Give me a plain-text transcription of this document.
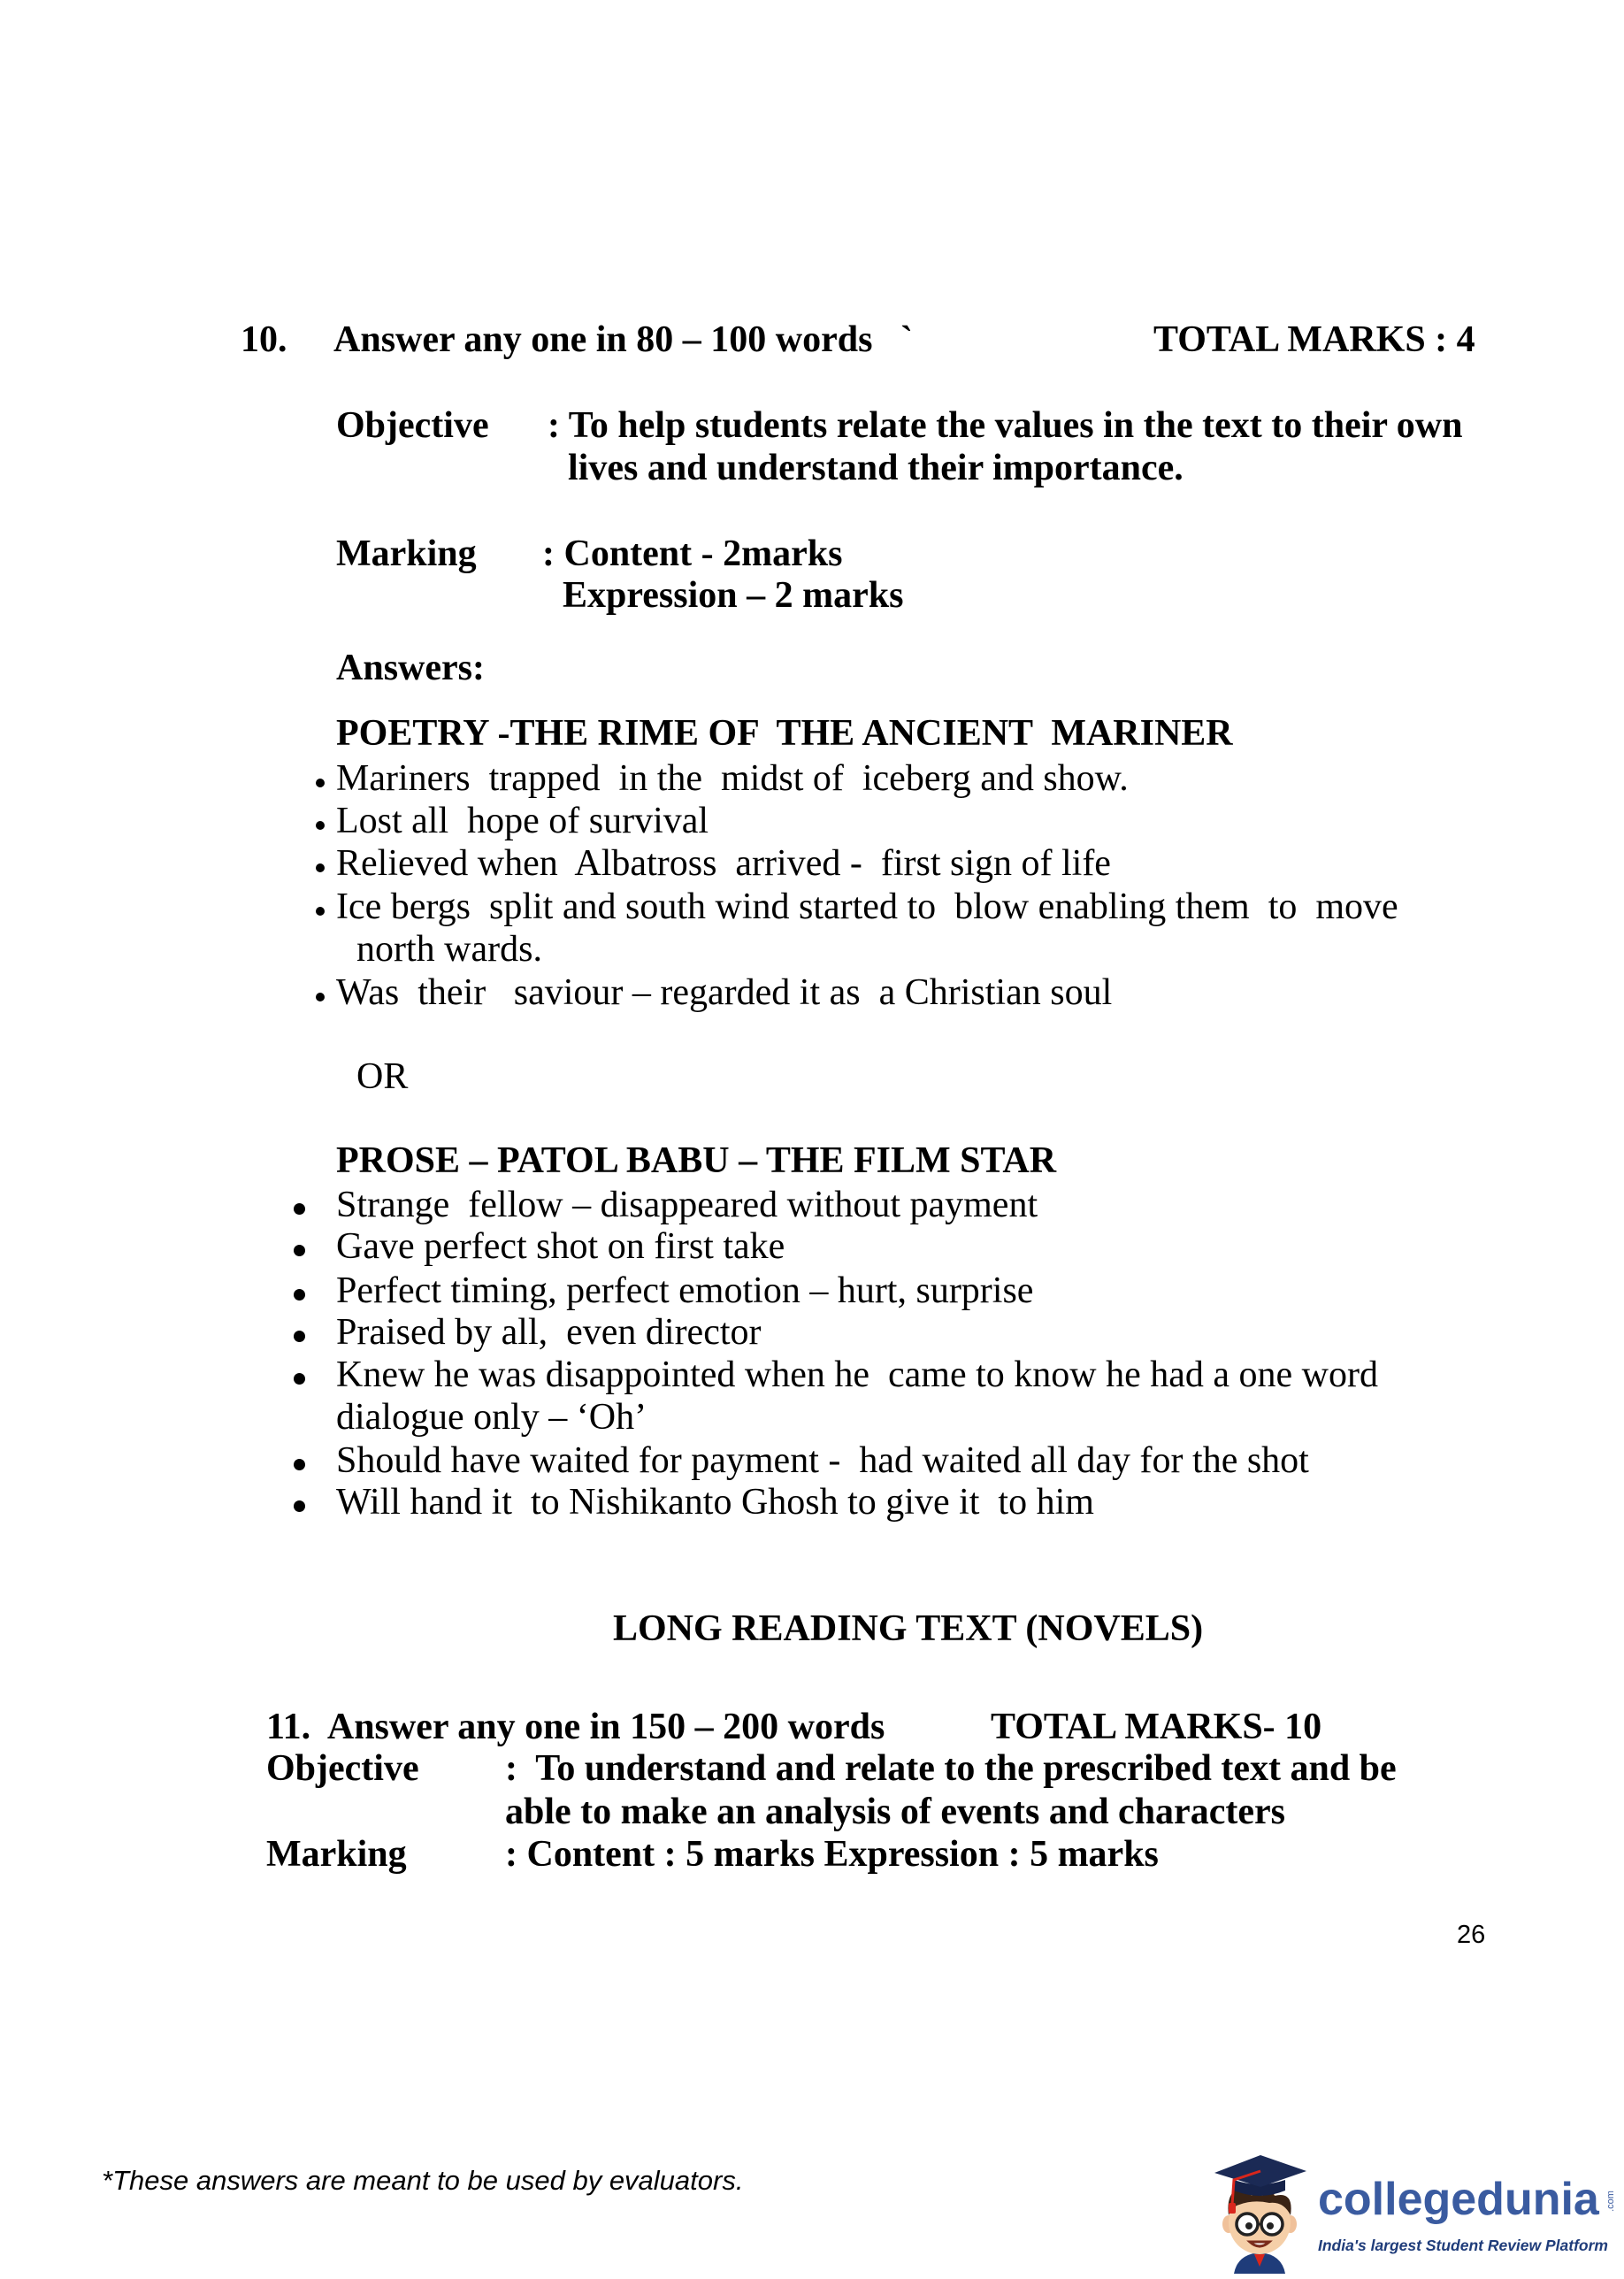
10. Answer any one in 80 – 100 words   `	TOTAL MARKS : 4
Objective : To help students relate the values in the text to their own
lives and understand their importance.
Marking : Content - 2marks
Expression – 2 marks
Answers:
POETRY -THE RIME OF  THE ANCIENT  MARINER
Mariners  trapped  in the  midst of  iceberg and show.
Lost all  hope of survival
Relieved when  Albatross  arrived -  first sign of life
Ice bergs  split and south wind started to  blow enabling them  to  move
north wards.
Was  their   saviour – regarded it as  a Christian soul
OR
PROSE – PATOL BABU – THE FILM STAR
Strange  fellow – disappeared without payment
Gave perfect shot on first take
Perfect timing, perfect emotion – hurt, surprise
Praised by all,  even director
Knew he was disappointed when he  came to know he had a one word
dialogue only – ‘Oh’
Should have waited for payment -  had waited all day for the shot
Will hand it  to Nishikanto Ghosh to give it  to him
LONG READING TEXT (NOVELS)
11.  Answer any one in 150 – 200 words	TOTAL MARKS- 10
Objective :  To understand and relate to the prescribed text and be
able to make an analysis of events and characters
Marking	: Content : 5 marks Expression : 5 marks
26
*These answers are meant to be used by evaluators.	collegedunia .com
India's largest Student Review Platform
